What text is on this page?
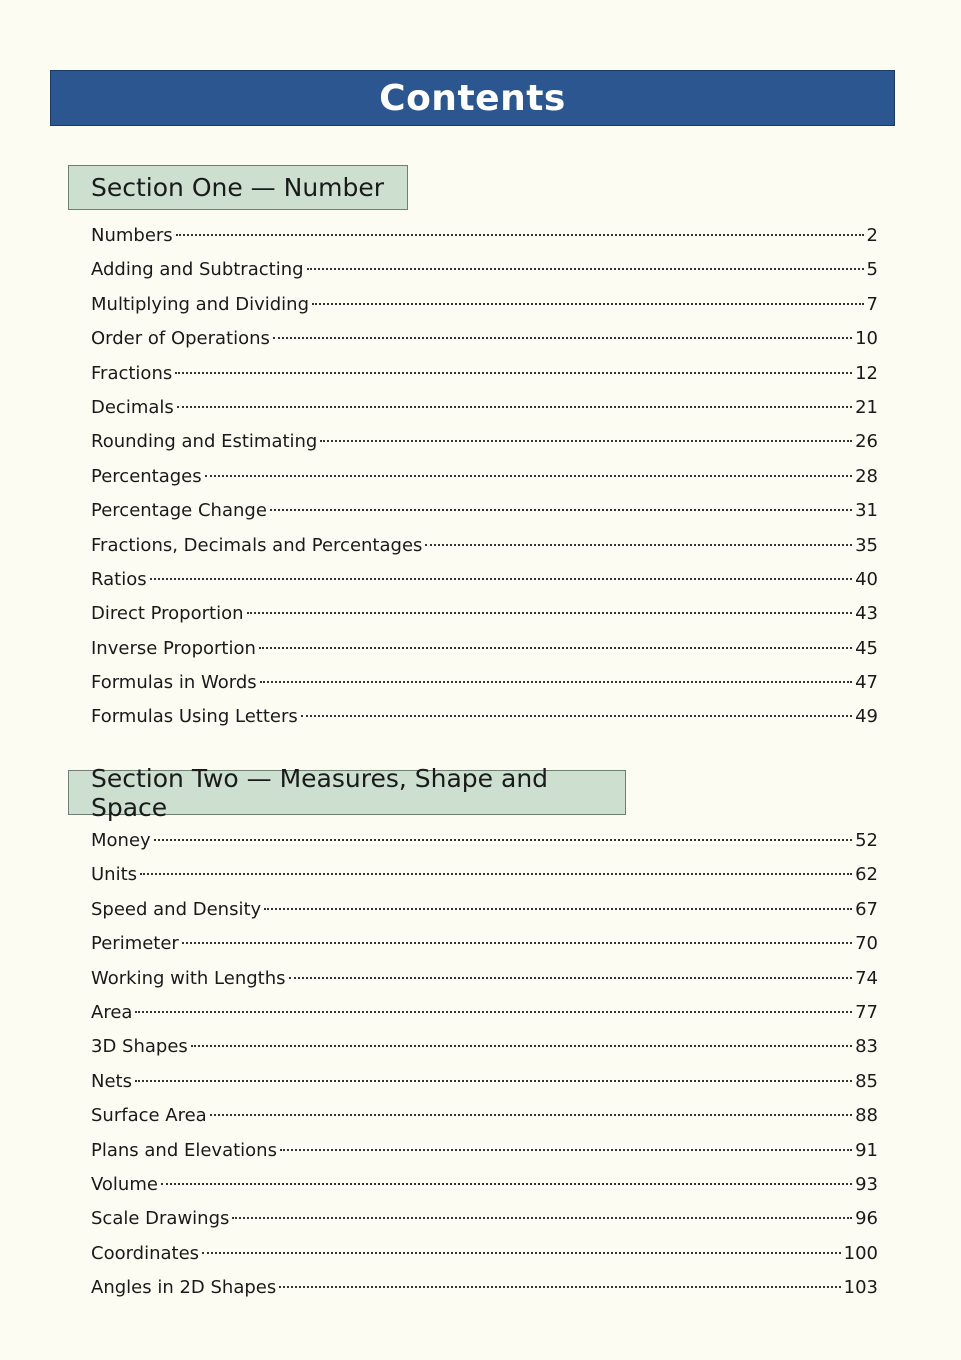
Contents
Section One — Number
Numbers	2
Adding and Subtracting	5
Multiplying and Dividing	7
Order of Operations	10
Fractions	12
Decimals	21
Rounding and Estimating	26
Percentages	28
Percentage Change	31
Fractions, Decimals and Percentages	35
Ratios	40
Direct Proportion	43
Inverse Proportion	45
Formulas in Words	47
Formulas Using Letters	49
Section Two — Measures, Shape and Space
Money	52
Units	62
Speed and Density	67
Perimeter	70
Working with Lengths	74
Area	77
3D Shapes	83
Nets	85
Surface Area	88
Plans and Elevations	91
Volume	93
Scale Drawings	96
Coordinates	100
Angles in 2D Shapes	103
